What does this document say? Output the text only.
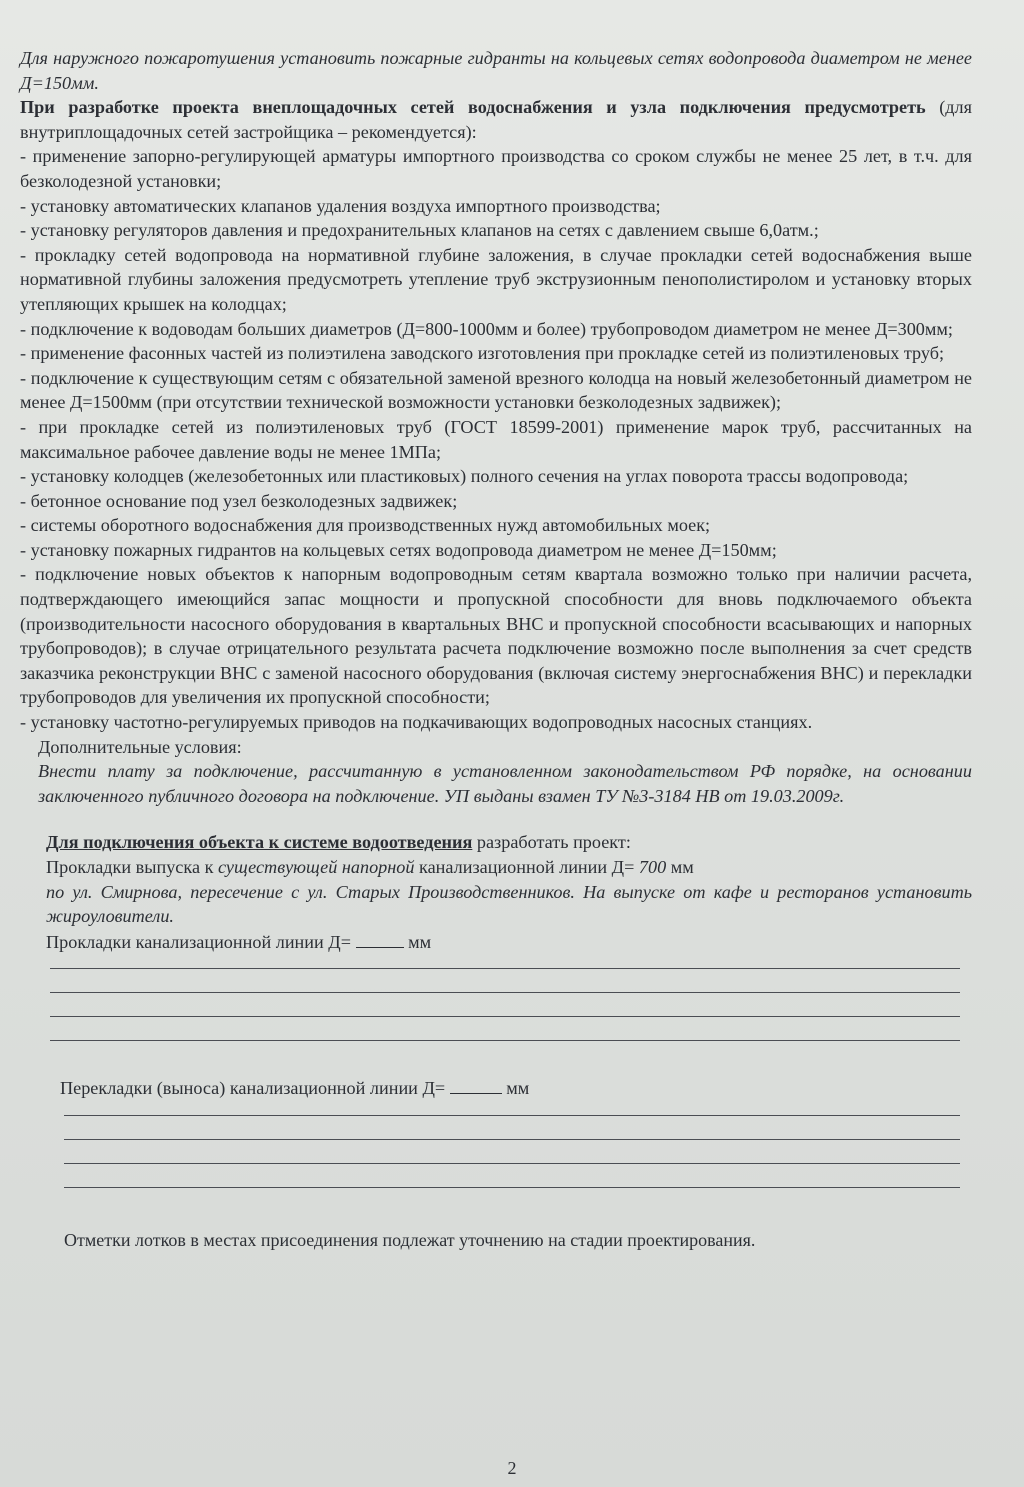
Для наружного пожаротушения установить пожарные гидранты на кольцевых сетях водопровода диаметром не менее Д=150мм.

При разработке проекта внеплощадочных сетей водоснабжения и узла подключения предусмотреть (для внутриплощадочных сетей застройщика – рекомендуется):

- применение запорно-регулирующей арматуры импортного производства со сроком службы не менее 25 лет, в т.ч. для безколодезной установки;

- установку автоматических клапанов удаления воздуха импортного производства;

- установку регуляторов давления и предохранительных клапанов на сетях с давлением свыше 6,0атм.;

- прокладку сетей водопровода на нормативной глубине заложения, в случае прокладки сетей водоснабжения выше нормативной глубины заложения предусмотреть утепление труб экструзионным пенополистиролом и установку вторых утепляющих крышек на колодцах;

- подключение к водоводам больших диаметров (Д=800-1000мм и более) трубопроводом диаметром не менее Д=300мм;

- применение фасонных частей из полиэтилена заводского изготовления при прокладке сетей из полиэтиленовых труб;

- подключение к существующим сетям с обязательной заменой врезного колодца на новый железобетонный диаметром не менее Д=1500мм (при отсутствии технической возможности установки безколодезных задвижек);

- при прокладке сетей из полиэтиленовых труб (ГОСТ 18599-2001) применение марок труб, рассчитанных на максимальное рабочее давление воды не менее 1МПа;

- установку колодцев (железобетонных или пластиковых) полного сечения на углах поворота трассы водопровода;

- бетонное основание под узел безколодезных задвижек;

- системы оборотного водоснабжения для производственных нужд автомобильных моек;

- установку пожарных гидрантов на кольцевых сетях водопровода диаметром не менее Д=150мм;

- подключение новых объектов к напорным водопроводным сетям квартала возможно только при наличии расчета, подтверждающего имеющийся запас мощности и пропускной способности для вновь подключаемого объекта (производительности насосного оборудования в квартальных ВНС и пропускной способности всасывающих и напорных трубопроводов); в случае отрицательного результата расчета подключение возможно после выполнения за счет средств заказчика реконструкции ВНС с заменой насосного оборудования (включая систему энергоснабжения ВНС) и перекладки трубопроводов для увеличения их пропускной способности;

- установку частотно-регулируемых приводов на подкачивающих водопроводных насосных станциях.

Дополнительные условия:

Внести плату за подключение, рассчитанную в установленном законодательством РФ порядке, на основании заключенного публичного договора на подключение. УП выданы взамен ТУ №3-3184 НВ от 19.03.2009г.

Для подключения объекта к системе водоотведения разработать проект:

Прокладки выпуска к существующей напорной канализационной линии Д= 700 мм

по ул. Смирнова, пересечение с ул. Старых Производственников. На выпуске от кафе и ресторанов установить жироуловители.

Прокладки канализационной линии Д=	мм

Перекладки (выноса) канализационной линии Д=	мм

Отметки лотков в местах присоединения подлежат уточнению на стадии проектирования.

2
